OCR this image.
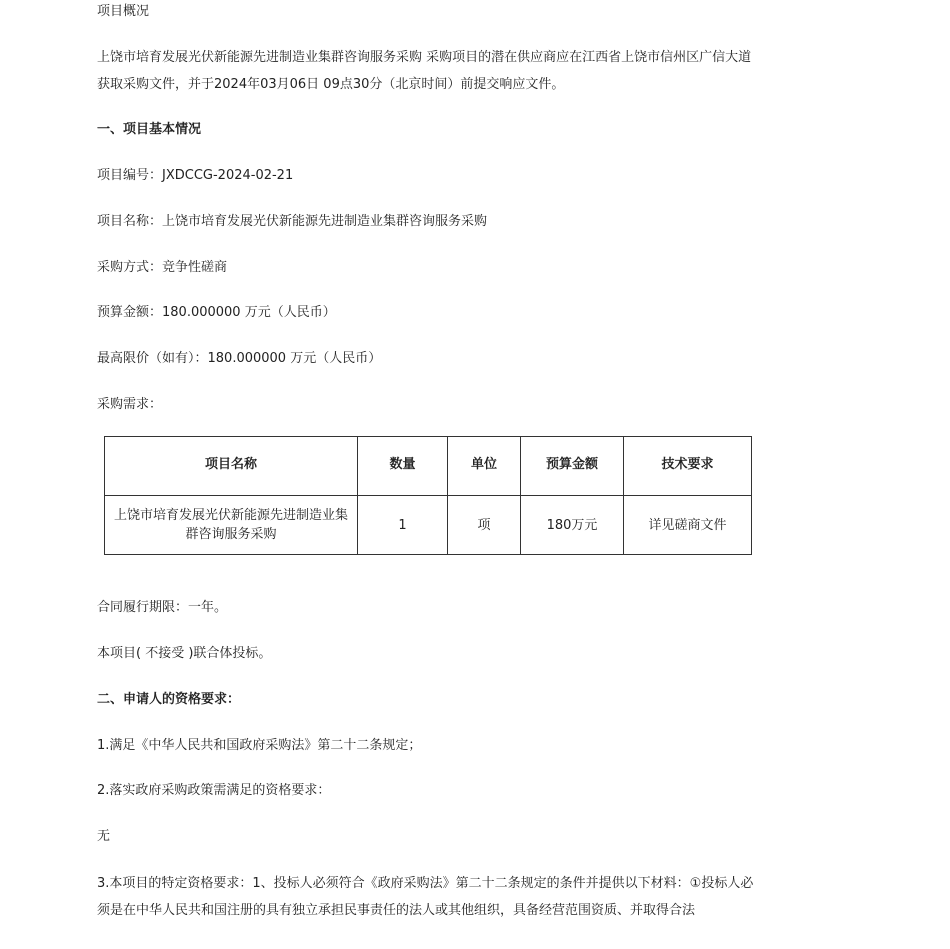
项目概况
上饶市培育发展光伏新能源先进制造业集群咨询服务采购 采购项目的潜在供应商应在江西省上饶市信州区广信大道获取采购文件，并于2024年03月06日 09点30分（北京时间）前提交响应文件。
一、项目基本情况
项目编号：JXDCCG-2024-02-21
项目名称：上饶市培育发展光伏新能源先进制造业集群咨询服务采购
采购方式：竞争性磋商
预算金额：180.000000 万元（人民币）
最高限价（如有）：180.000000 万元（人民币）
采购需求：
项目名称	数量	单位	预算金额	技术要求
上饶市培育发展光伏新能源先进制造业集群咨询服务采购	1	项	180万元	详见磋商文件
合同履行期限：一年。
本项目( 不接受 )联合体投标。
二、申请人的资格要求：
1.满足《中华人民共和国政府采购法》第二十二条规定；
2.落实政府采购政策需满足的资格要求：
无
3.本项目的特定资格要求：1、投标人必须符合《政府采购法》第二十二条规定的条件并提供以下材料：①投标人必须是在中华人民共和国注册的具有独立承担民事责任的法人或其他组织，具备经营范围资质、并取得合法
